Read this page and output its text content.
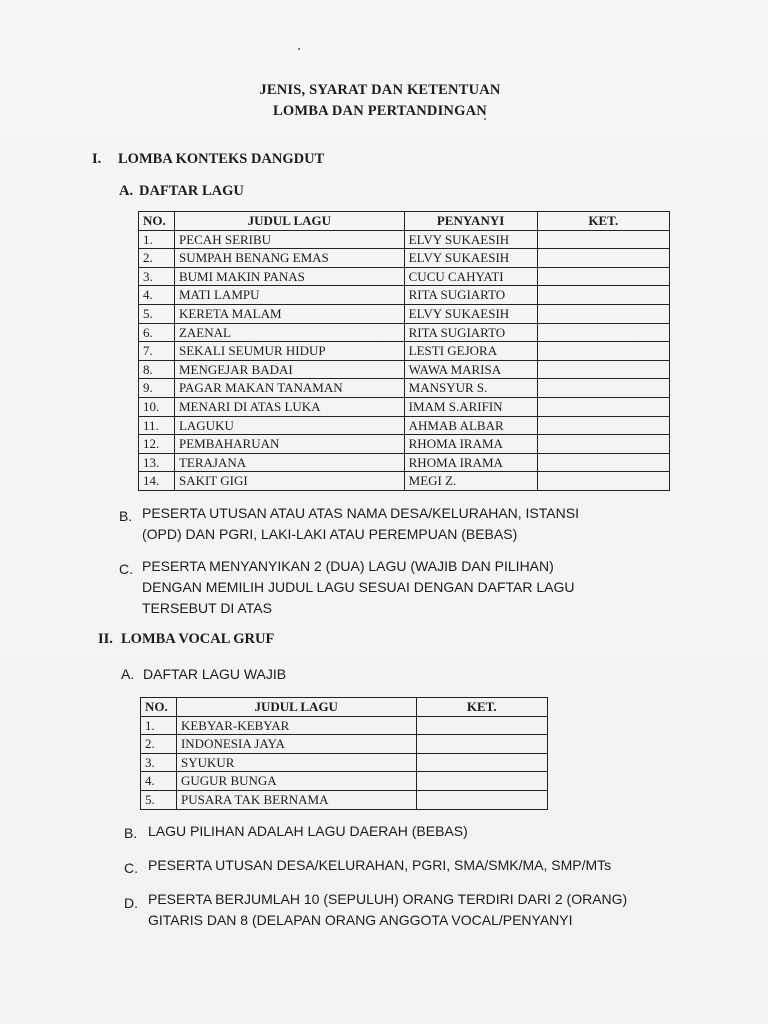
JENIS, SYARAT DAN KETENTUAN
LOMBA DAN PERTANDINGAN
I. LOMBA KONTEKS DANGDUT
A. DAFTAR LAGU
NO.	JUDUL LAGU	PENYANYI	KET.
1.	PECAH SERIBU	ELVY SUKAESIH	
2.	SUMPAH BENANG EMAS	ELVY SUKAESIH	
3.	BUMI MAKIN PANAS	CUCU CAHYATI	
4.	MATI LAMPU	RITA SUGIARTO	
5.	KERETA MALAM	ELVY SUKAESIH	
6.	ZAENAL	RITA SUGIARTO	
7.	SEKALI SEUMUR HIDUP	LESTI GEJORA	
8.	MENGEJAR BADAI	WAWA MARISA	
9.	PAGAR MAKAN TANAMAN	MANSYUR S.	
10.	MENARI DI ATAS LUKA	IMAM S.ARIFIN	
11.	LAGUKU	AHMAB ALBAR	
12.	PEMBAHARUAN	RHOMA IRAMA	
13.	TERAJANA	RHOMA IRAMA	
14.	SAKIT GIGI	MEGI Z.	
B. PESERTA UTUSAN ATAU ATAS NAMA DESA/KELURAHAN, ISTANSI
(OPD) DAN PGRI, LAKI-LAKI ATAU PEREMPUAN (BEBAS)
C. PESERTA MENYANYIKAN 2 (DUA) LAGU (WAJIB DAN PILIHAN)
DENGAN MEMILIH JUDUL LAGU SESUAI DENGAN DAFTAR LAGU
TERSEBUT DI ATAS
II. LOMBA VOCAL GRUF
A. DAFTAR LAGU WAJIB
NO.	JUDUL LAGU	KET.
1.	KEBYAR-KEBYAR	
2.	INDONESIA JAYA	
3.	SYUKUR	
4.	GUGUR BUNGA	
5.	PUSARA TAK BERNAMA	
B. LAGU PILIHAN ADALAH LAGU DAERAH (BEBAS)
C. PESERTA UTUSAN DESA/KELURAHAN, PGRI, SMA/SMK/MA, SMP/MTs
D. PESERTA BERJUMLAH 10 (SEPULUH) ORANG TERDIRI DARI 2 (ORANG)
GITARIS DAN 8 (DELAPAN ORANG ANGGOTA VOCAL/PENYANYI
